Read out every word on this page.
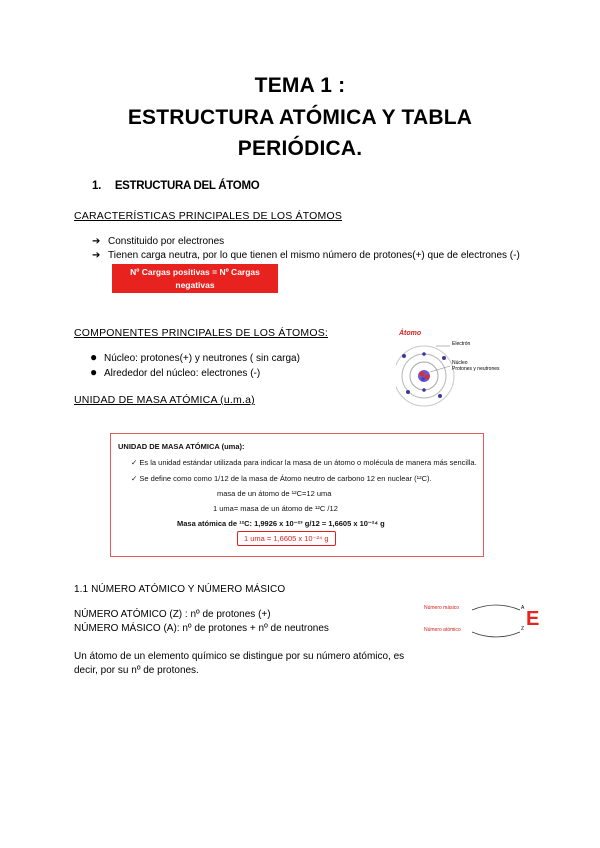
TEMA 1 :
ESTRUCTURA ATÓMICA Y TABLA
PERIÓDICA.
1. ESTRUCTURA DEL ÁTOMO
CARACTERÍSTICAS PRINCIPALES DE LOS ÁTOMOS
➔ Constituido por electrones
➔ Tienen carga neutra, por lo que tienen el mismo número de protones(+) que de electrones (-)
Nº Cargas positivas = Nº Cargas negativas
Nº protones = Nº electrones
COMPONENTES PRINCIPALES DE LOS ÁTOMOS:
● Núcleo: protones(+) y neutrones ( sin carga)
● Alrededor del núcleo: electrones (-)
Átomo
Electrón
Núcleo
Protones y neutrones
UNIDAD DE MASA ATÓMICA (u.m.a)
UNIDAD DE MASA ATÓMICA (uma):
✓ Es la unidad estándar utilizada para indicar la masa de un átomo o molécula de manera más sencilla.
✓ Se define como como 1/12 de la masa de Átomo neutro de carbono 12 en nuclear (¹²C).
masa de un átomo de ¹²C=12 uma
1 uma= masa de un átomo de ¹²C /12
Masa atómica de ¹²C: 1,9926 x 10⁻²³ g/12 = 1,6605 x 10⁻²⁴ g
1 uma = 1,6605 x 10⁻²⁴ g
1.1 NÚMERO ATÓMICO Y NÚMERO MÁSICO
NÚMERO ATÓMICO (Z) : nº de protones (+)
NÚMERO MÁSICO (A): nº de protones + nº de neutrones
Un átomo de un elemento químico se distingue por su número atómico, es
decir, por su nº de protones.
Número másico
Número atómico
A
Z E
